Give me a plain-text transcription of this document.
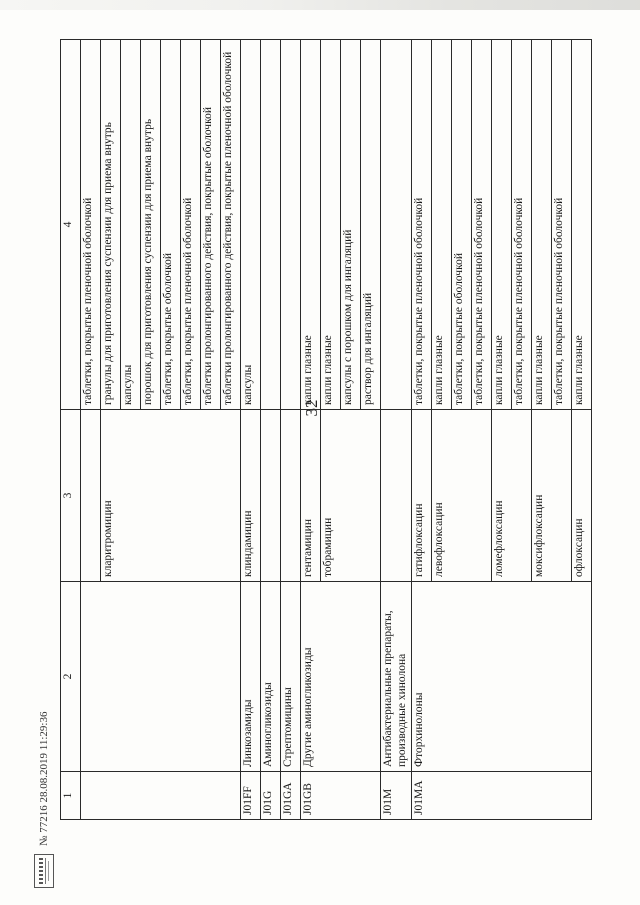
32
1	2	3	4
			таблетки, покрытые пленочной оболочкой
		кларитромицин	гранулы для приготовления суспензии для приема внутрь
			капсулы
			порошок для приготовления суспензии для приема внутрь
			таблетки, покрытые оболочкой
			таблетки, покрытые пленочной оболочкой
			таблетки пролонгированного действия, покрытые оболочкой
			таблетки пролонгированного действия, покрытые пленочной оболочкой
J01FF	Линкозамиды	клиндамицин	капсулы
J01G	Аминогликозиды		
J01GA	Стрептомицины		
J01GB	Другие аминогликозиды	гентамицин	капли глазные
		тобрамицин	капли глазные
			капсулы с порошком для ингаляций
			раствор для ингаляций
J01M	Антибактериальные препараты, производные хинолона		
J01MA	Фторхинолоны	гатифлоксацин	таблетки, покрытые пленочной оболочкой
		левофлоксацин	капли глазные
			таблетки, покрытые оболочкой
			таблетки, покрытые пленочной оболочкой
		ломефлоксацин	капли глазные
			таблетки, покрытые пленочной оболочкой
		моксифлоксацин	капли глазные
			таблетки, покрытые пленочной оболочкой
		офлоксацин	капли глазные
№ 77216 28.08.2019 11:29:36
